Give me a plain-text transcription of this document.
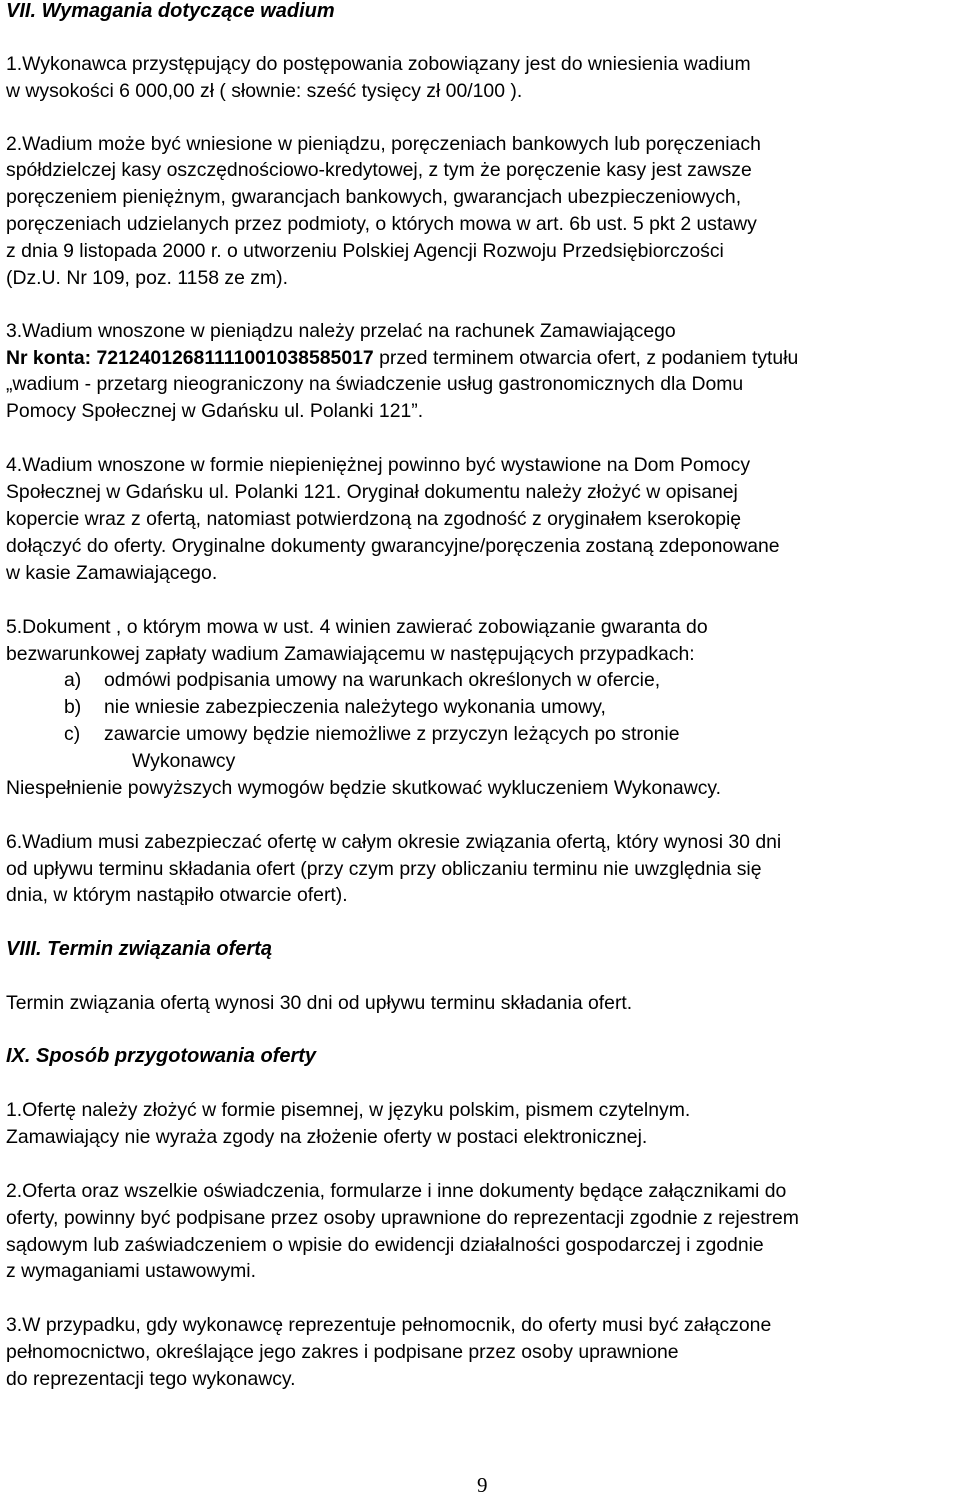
VII. Wymagania dotyczące wadium
1.Wykonawca przystępujący do postępowania zobowiązany jest do wniesienia wadium
w wysokości 6 000,00 zł ( słownie: sześć tysięcy zł 00/100 ).
2.Wadium może być wniesione w pieniądzu, poręczeniach bankowych lub poręczeniach
spółdzielczej kasy oszczędnościowo-kredytowej, z tym że poręczenie kasy jest zawsze
poręczeniem pieniężnym, gwarancjach bankowych, gwarancjach ubezpieczeniowych,
poręczeniach udzielanych przez podmioty, o których mowa w art. 6b ust. 5 pkt 2 ustawy
z dnia 9 listopada 2000 r. o utworzeniu Polskiej Agencji Rozwoju Przedsiębiorczości
(Dz.U. Nr 109, poz. 1158 ze zm).
3.Wadium wnoszone w pieniądzu należy przelać na rachunek Zamawiającego
Nr konta: 72124012681111001038585017 przed terminem otwarcia ofert, z podaniem tytułu
„wadium - przetarg nieograniczony na świadczenie usług gastronomicznych dla Domu
Pomocy Społecznej w Gdańsku ul. Polanki 121”.
4.Wadium wnoszone w formie niepieniężnej powinno być wystawione na Dom Pomocy
Społecznej w Gdańsku ul. Polanki 121. Oryginał dokumentu należy złożyć w opisanej
kopercie wraz z ofertą, natomiast potwierdzoną na zgodność z oryginałem kserokopię
dołączyć do oferty. Oryginalne dokumenty gwarancyjne/poręczenia zostaną zdeponowane
w kasie Zamawiającego.
5.Dokument , o którym mowa w ust. 4 winien zawierać zobowiązanie gwaranta do
bezwarunkowej zapłaty wadium Zamawiającemu w następujących przypadkach:
a) odmówi podpisania umowy na warunkach określonych w ofercie,
b) nie wniesie zabezpieczenia należytego wykonania umowy,
c) zawarcie umowy będzie niemożliwe z przyczyn leżących po stronie
Wykonawcy
Niespełnienie powyższych wymogów będzie skutkować wykluczeniem Wykonawcy.
6.Wadium musi zabezpieczać ofertę w całym okresie związania ofertą, który wynosi 30 dni
od upływu terminu składania ofert (przy czym przy obliczaniu terminu nie uwzględnia się
dnia, w którym nastąpiło otwarcie ofert).
VIII. Termin związania ofertą
Termin związania ofertą wynosi 30 dni od upływu terminu składania ofert.
IX. Sposób przygotowania oferty
1.Ofertę należy złożyć w formie pisemnej, w języku polskim, pismem czytelnym.
Zamawiający nie wyraża zgody na złożenie oferty w postaci elektronicznej.
2.Oferta oraz wszelkie oświadczenia, formularze i inne dokumenty będące załącznikami do
oferty, powinny być podpisane przez osoby uprawnione do reprezentacji zgodnie z rejestrem
sądowym lub zaświadczeniem o wpisie do ewidencji działalności gospodarczej i zgodnie
z wymaganiami ustawowymi.
3.W przypadku, gdy wykonawcę reprezentuje pełnomocnik, do oferty musi być załączone
pełnomocnictwo, określające jego zakres i podpisane przez osoby uprawnione
do reprezentacji tego wykonawcy.
9
